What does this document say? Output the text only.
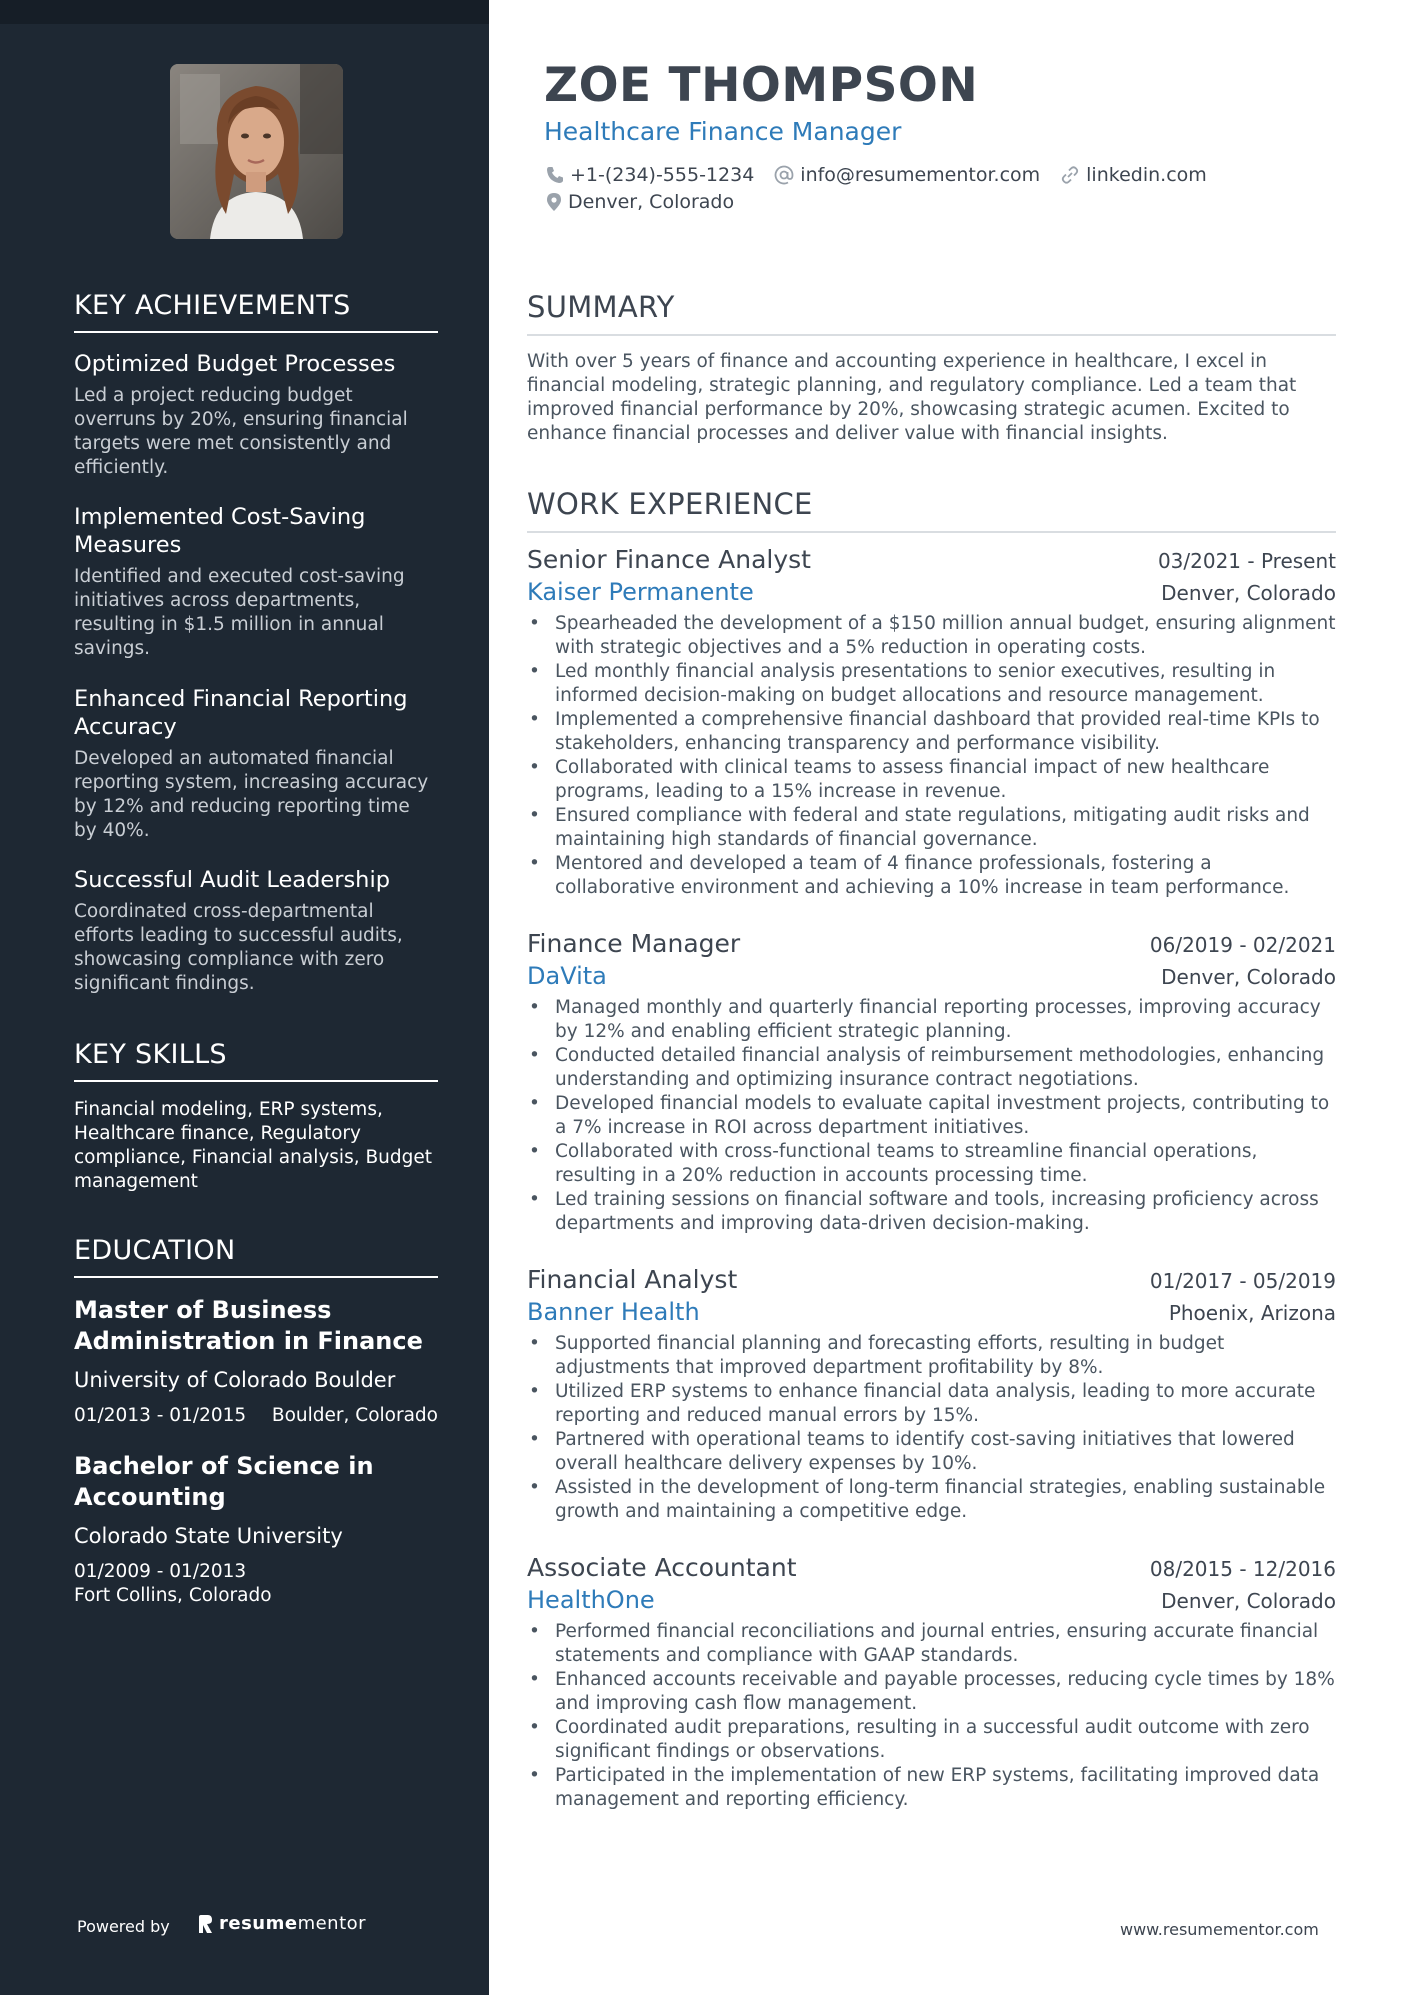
KEY ACHIEVEMENTS
Optimized Budget Processes
Led a project reducing budget overruns by 20%, ensuring financial targets were met consistently and efficiently.
Implemented Cost-Saving Measures
Identified and executed cost-saving initiatives across departments, resulting in $1.5 million in annual savings.
Enhanced Financial Reporting Accuracy
Developed an automated financial reporting system, increasing accuracy by 12% and reducing reporting time by 40%.
Successful Audit Leadership
Coordinated cross-departmental efforts leading to successful audits, showcasing compliance with zero significant findings.
KEY SKILLS
Financial modeling, ERP systems, Healthcare finance, Regulatory compliance, Financial analysis, Budget management
EDUCATION
Master of Business Administration in Finance
University of Colorado Boulder
01/2013 - 01/2015 Boulder, Colorado
Bachelor of Science in Accounting
Colorado State University
01/2009 - 01/2013
Fort Collins, Colorado
Powered by	resume mentor
ZOE THOMPSON
Healthcare Finance Manager
+1-(234)-555-1234 info@resumementor.com linkedin.com
Denver, Colorado
SUMMARY
With over 5 years of finance and accounting experience in healthcare, I excel in financial modeling, strategic planning, and regulatory compliance. Led a team that improved financial performance by 20%, showcasing strategic acumen. Excited to enhance financial processes and deliver value with financial insights.
WORK EXPERIENCE
Senior Finance Analyst	03/2021 - Present
Kaiser Permanente	Denver, Colorado
• Spearheaded the development of a $150 million annual budget, ensuring alignment with strategic objectives and a 5% reduction in operating costs.
• Led monthly financial analysis presentations to senior executives, resulting in informed decision-making on budget allocations and resource management.
• Implemented a comprehensive financial dashboard that provided real-time KPIs to stakeholders, enhancing transparency and performance visibility.
• Collaborated with clinical teams to assess financial impact of new healthcare programs, leading to a 15% increase in revenue.
• Ensured compliance with federal and state regulations, mitigating audit risks and maintaining high standards of financial governance.
• Mentored and developed a team of 4 finance professionals, fostering a collaborative environment and achieving a 10% increase in team performance.
Finance Manager	06/2019 - 02/2021
DaVita	Denver, Colorado
• Managed monthly and quarterly financial reporting processes, improving accuracy by 12% and enabling efficient strategic planning.
• Conducted detailed financial analysis of reimbursement methodologies, enhancing understanding and optimizing insurance contract negotiations.
• Developed financial models to evaluate capital investment projects, contributing to a 7% increase in ROI across department initiatives.
• Collaborated with cross-functional teams to streamline financial operations, resulting in a 20% reduction in accounts processing time.
• Led training sessions on financial software and tools, increasing proficiency across departments and improving data-driven decision-making.
Financial Analyst	01/2017 - 05/2019
Banner Health	Phoenix, Arizona
• Supported financial planning and forecasting efforts, resulting in budget adjustments that improved department profitability by 8%.
• Utilized ERP systems to enhance financial data analysis, leading to more accurate reporting and reduced manual errors by 15%.
• Partnered with operational teams to identify cost-saving initiatives that lowered overall healthcare delivery expenses by 10%.
• Assisted in the development of long-term financial strategies, enabling sustainable growth and maintaining a competitive edge.
Associate Accountant	08/2015 - 12/2016
HealthOne	Denver, Colorado
• Performed financial reconciliations and journal entries, ensuring accurate financial statements and compliance with GAAP standards.
• Enhanced accounts receivable and payable processes, reducing cycle times by 18% and improving cash flow management.
• Coordinated audit preparations, resulting in a successful audit outcome with zero significant findings or observations.
• Participated in the implementation of new ERP systems, facilitating improved data management and reporting efficiency.
www.resumementor.com
